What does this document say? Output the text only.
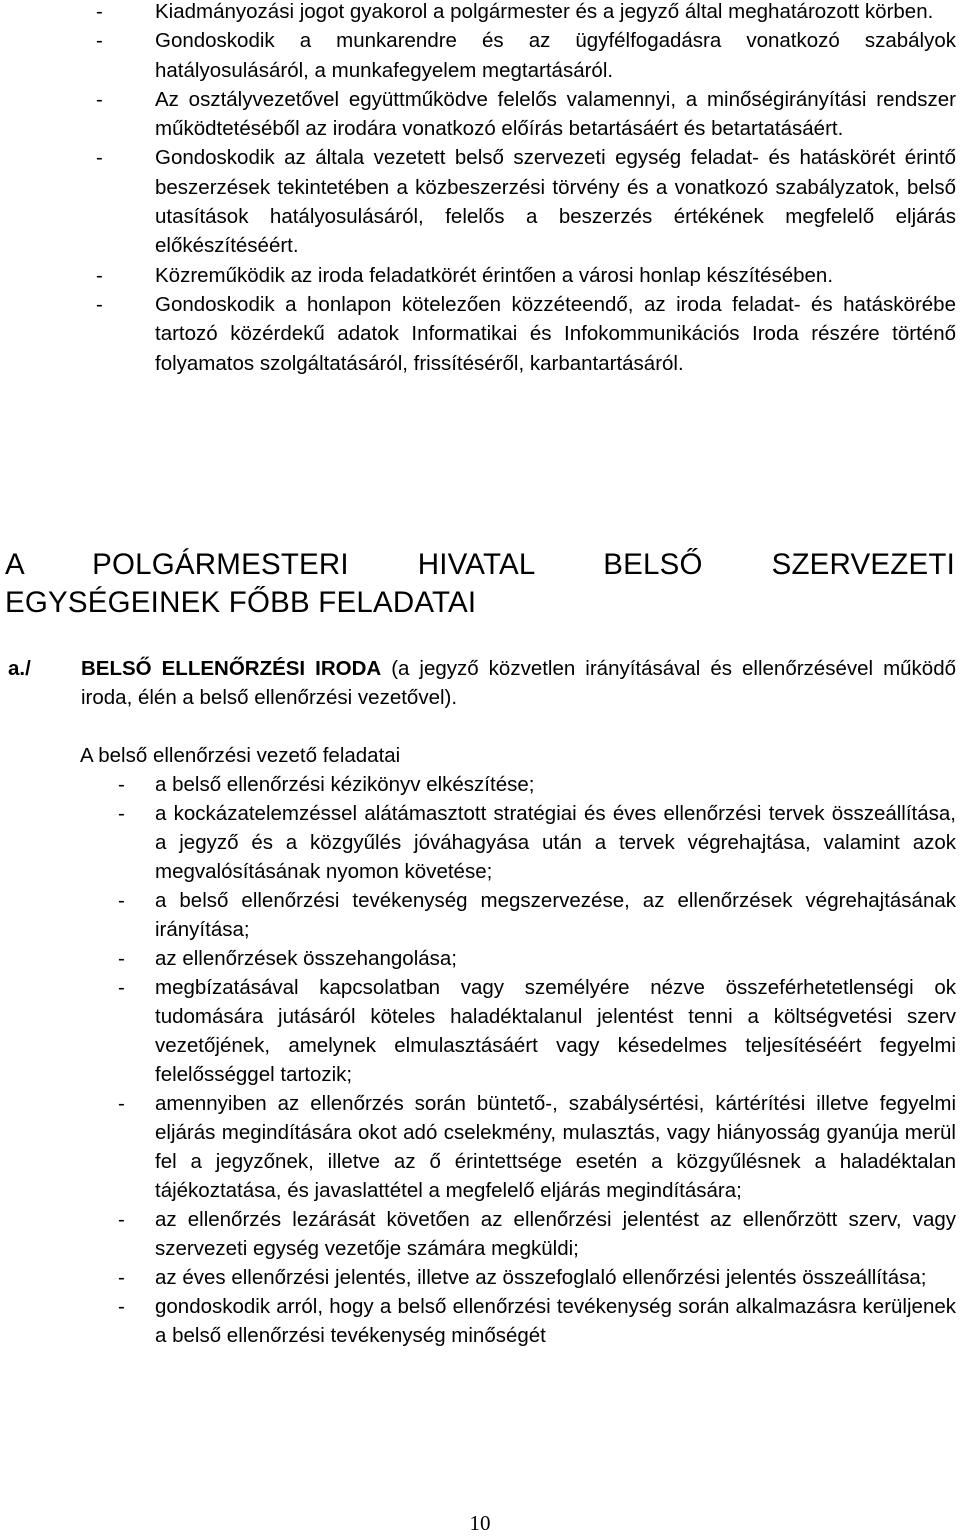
-	Kiadmányozási jogot gyakorol a polgármester és a jegyző által meghatározott körben.
-	Gondoskodik a munkarendre és az ügyfélfogadásra vonatkozó szabályok hatályosulásáról, a munkafegyelem megtartásáról.
-	Az osztályvezetővel együttműködve felelős valamennyi, a minőségirányítási rendszer működtetéséből az irodára vonatkozó előírás betartásáért és betartatásáért.
-	Gondoskodik az általa vezetett belső szervezeti egység feladat- és hatáskörét érintő beszerzések tekintetében a közbeszerzési törvény és a vonatkozó szabályzatok, belső utasítások hatályosulásáról, felelős a beszerzés értékének megfelelő eljárás előkészítéséért.
-	Közreműködik az iroda feladatkörét érintően a városi honlap készítésében.
-	Gondoskodik a honlapon kötelezően közzéteendő, az iroda feladat- és hatáskörébe tartozó közérdekű adatok Informatikai és Infokommunikációs Iroda részére történő folyamatos szolgáltatásáról, frissítéséről, karbantartásáról.
A POLGÁRMESTERI HIVATAL BELSŐ SZERVEZETI
EGYSÉGEINEK FŐBB FELADATAI
a./ BELSŐ ELLENŐRZÉSI IRODA (a jegyző közvetlen irányításával és ellenőrzésével működő iroda, élén a belső ellenőrzési vezetővel).
A belső ellenőrzési vezető feladatai
- a belső ellenőrzési kézikönyv elkészítése;
- a kockázatelemzéssel alátámasztott stratégiai és éves ellenőrzési tervek összeállítása, a jegyző és a közgyűlés jóváhagyása után a tervek végrehajtása, valamint azok megvalósításának nyomon követése;
- a belső ellenőrzési tevékenység megszervezése, az ellenőrzések végrehajtásának irányítása;
- az ellenőrzések összehangolása;
- megbízatásával kapcsolatban vagy személyére nézve összeférhetetlenségi ok tudomására jutásáról köteles haladéktalanul jelentést tenni a költségvetési szerv vezetőjének, amelynek elmulasztásáért vagy késedelmes teljesítéséért fegyelmi felelősséggel tartozik;
- amennyiben az ellenőrzés során büntető-, szabálysértési, kártérítési illetve fegyelmi eljárás megindítására okot adó cselekmény, mulasztás, vagy hiányosság gyanúja merül fel a jegyzőnek, illetve az ő érintettsége esetén a közgyűlésnek a haladéktalan tájékoztatása, és javaslattétel a megfelelő eljárás megindítására;
- az ellenőrzés lezárását követően az ellenőrzési jelentést az ellenőrzött szerv, vagy szervezeti egység vezetője számára megküldi;
- az éves ellenőrzési jelentés, illetve az összefoglaló ellenőrzési jelentés összeállítása;
- gondoskodik arról, hogy a belső ellenőrzési tevékenység során alkalmazásra kerüljenek a belső ellenőrzési tevékenység minőségét
10
